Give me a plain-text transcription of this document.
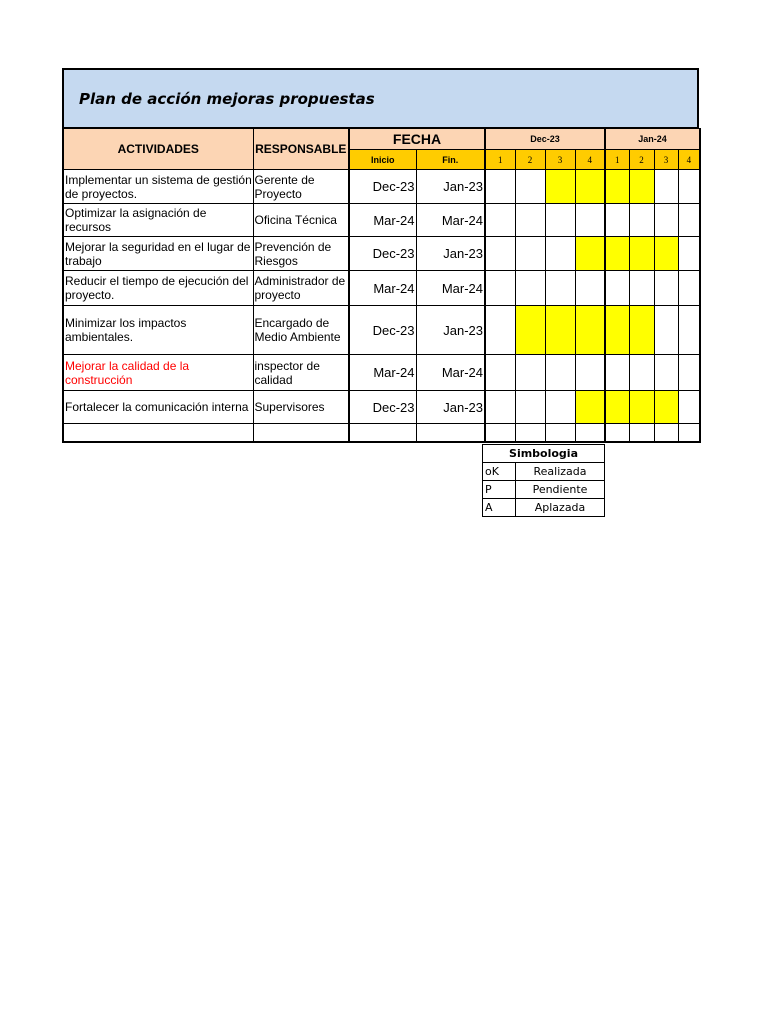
Plan de acción mejoras propuestas
ACTIVIDADES	RESPONSABLE	FECHA		Dec-23				Jan-24			
		Inicio	Fin.	1	2	3	4	1	2	3	4
Implementar un sistema de gestión de proyectos.	Gerente de Proyecto	Dec-23	Jan-23								
Optimizar la asignación de recursos	Oficina Técnica	Mar-24	Mar-24								
Mejorar la seguridad en el lugar de trabajo	Prevención de Riesgos	Dec-23	Jan-23								
Reducir el tiempo de ejecución del proyecto.	Administrador de proyecto	Mar-24	Mar-24								
Minimizar los impactos ambientales.	Encargado de Medio Ambiente	Dec-23	Jan-23								
Mejorar la calidad de la construcción	inspector de calidad	Mar-24	Mar-24								
Fortalecer la comunicación interna	Supervisores	Dec-23	Jan-23								

Simbologia	
oK	Realizada
P	Pendiente
A	Aplazada
